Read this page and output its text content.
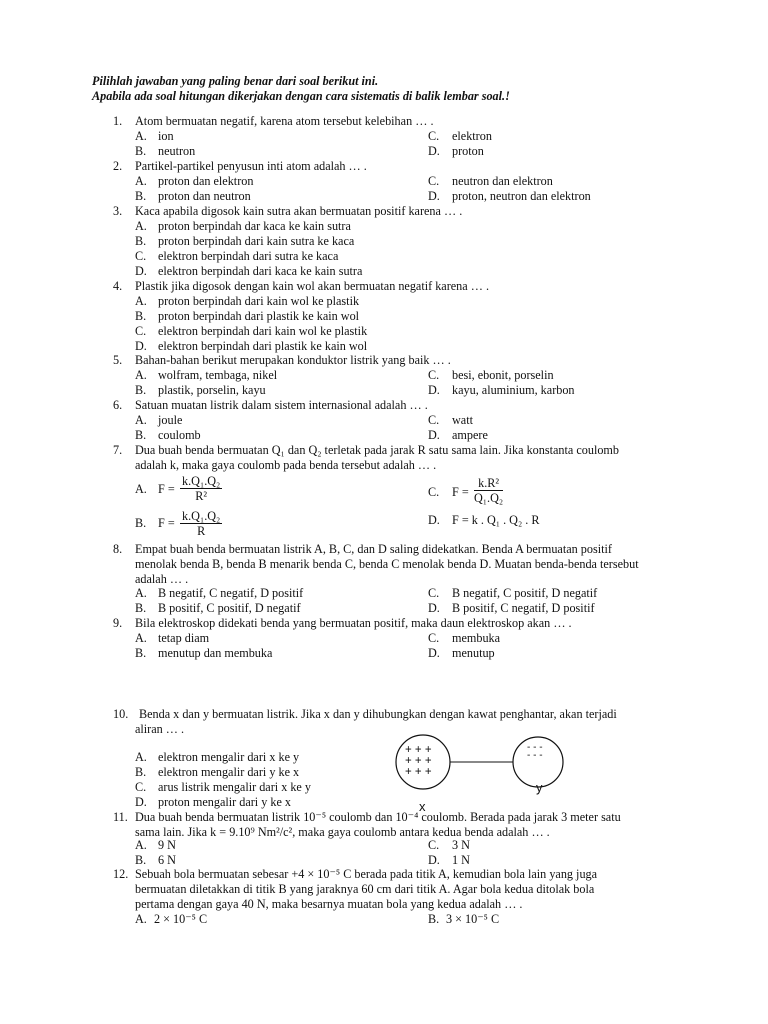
Pilihlah jawaban yang paling benar dari soal berikut ini.
Apabila ada soal hitungan dikerjakan dengan cara sistematis di balik lembar soal.!
1. Atom bermuatan negatif, karena atom tersebut kelebihan … .
A. ion	C. elektron
B. neutron	D. proton
2. Partikel-partikel penyusun inti atom adalah … .
A. proton dan elektron	C. neutron dan elektron
B. proton dan neutron	D. proton, neutron dan elektron
3. Kaca apabila digosok kain sutra akan bermuatan positif karena … .
A. proton berpindah dar kaca ke kain sutra
B. proton berpindah dari kain sutra ke kaca
C. elektron berpindah dari sutra ke kaca
D. elektron berpindah dari kaca ke kain sutra
4. Plastik jika digosok dengan kain wol akan bermuatan negatif karena … .
A. proton berpindah dari kain wol ke plastik
B. proton berpindah dari plastik ke kain wol
C. elektron berpindah dari kain wol ke plastik
D. elektron berpindah dari plastik ke kain wol
5. Bahan-bahan berikut merupakan konduktor listrik yang baik … .
A. wolfram, tembaga, nikel	C. besi, ebonit, porselin
B. plastik, porselin, kayu	D. kayu, aluminium, karbon
6. Satuan muatan listrik dalam sistem internasional adalah … .
A. joule	C. watt
B. coulomb	D. ampere
7. Dua buah benda bermuatan Q₁ dan Q₂ terletak pada jarak R satu sama lain. Jika konstanta coulomb
adalah k, maka gaya coulomb pada benda tersebut adalah … .
A. $F = \frac{\text{k.Q₁.Q₂}}{\text{R²}}$	C. $F = \frac{\text{k.R²}}{\text{Q₁.Q₂}}$
B. $F = \frac{\text{k.Q₁.Q₂}}{R}$	D. F = k . Q₁ . Q₂ . R
8. Empat buah benda bermuatan listrik A, B, C, dan D saling didekatkan. Benda A bermuatan positif
menolak benda B, benda B menarik benda C, benda C menolak benda D. Muatan benda-benda tersebut
adalah … .
A. B negatif, C negatif, D positif	C. B negatif, C positif, D negatif
B. B positif, C positif, D negatif	D. B positif, C negatif, D positif
9. Bila elektroskop didekati benda yang bermuatan positif, maka daun elektroskop akan … .
A. tetap diam	C. membuka
B. menutup dan membuka	D. menutup
10. Benda x dan y bermuatan listrik. Jika x dan y dihubungkan dengan kawat penghantar, akan terjadi
aliran … .
A. elektron mengalir dari x ke y
B. elektron mengalir dari y ke x
C. arus listrik mengalir dari x ke y
D. proton mengalir dari y ke x
+ + +
+ + +
+ + +
- - -
- - -
x
y
11. Dua buah benda bermuatan listrik 10⁻⁵ coulomb dan 10⁻⁴ coulomb. Berada pada jarak 3 meter satu
sama lain. Jika k = 9.10⁹ Nm²/c², maka gaya coulomb antara kedua benda adalah … .
A. 9 N	C. 3 N
B. 6 N	D. 1 N
12. Sebuah bola bermuatan sebesar +4 × 10⁻⁵ C berada pada titik A, kemudian bola lain yang juga
bermuatan diletakkan di titik B yang jaraknya 60 cm dari titik A. Agar bola kedua ditolak bola
pertama dengan gaya 40 N, maka besarnya muatan bola yang kedua adalah … .
A. 2 × 10⁻⁵ C	B. 3 × 10⁻⁵ C
